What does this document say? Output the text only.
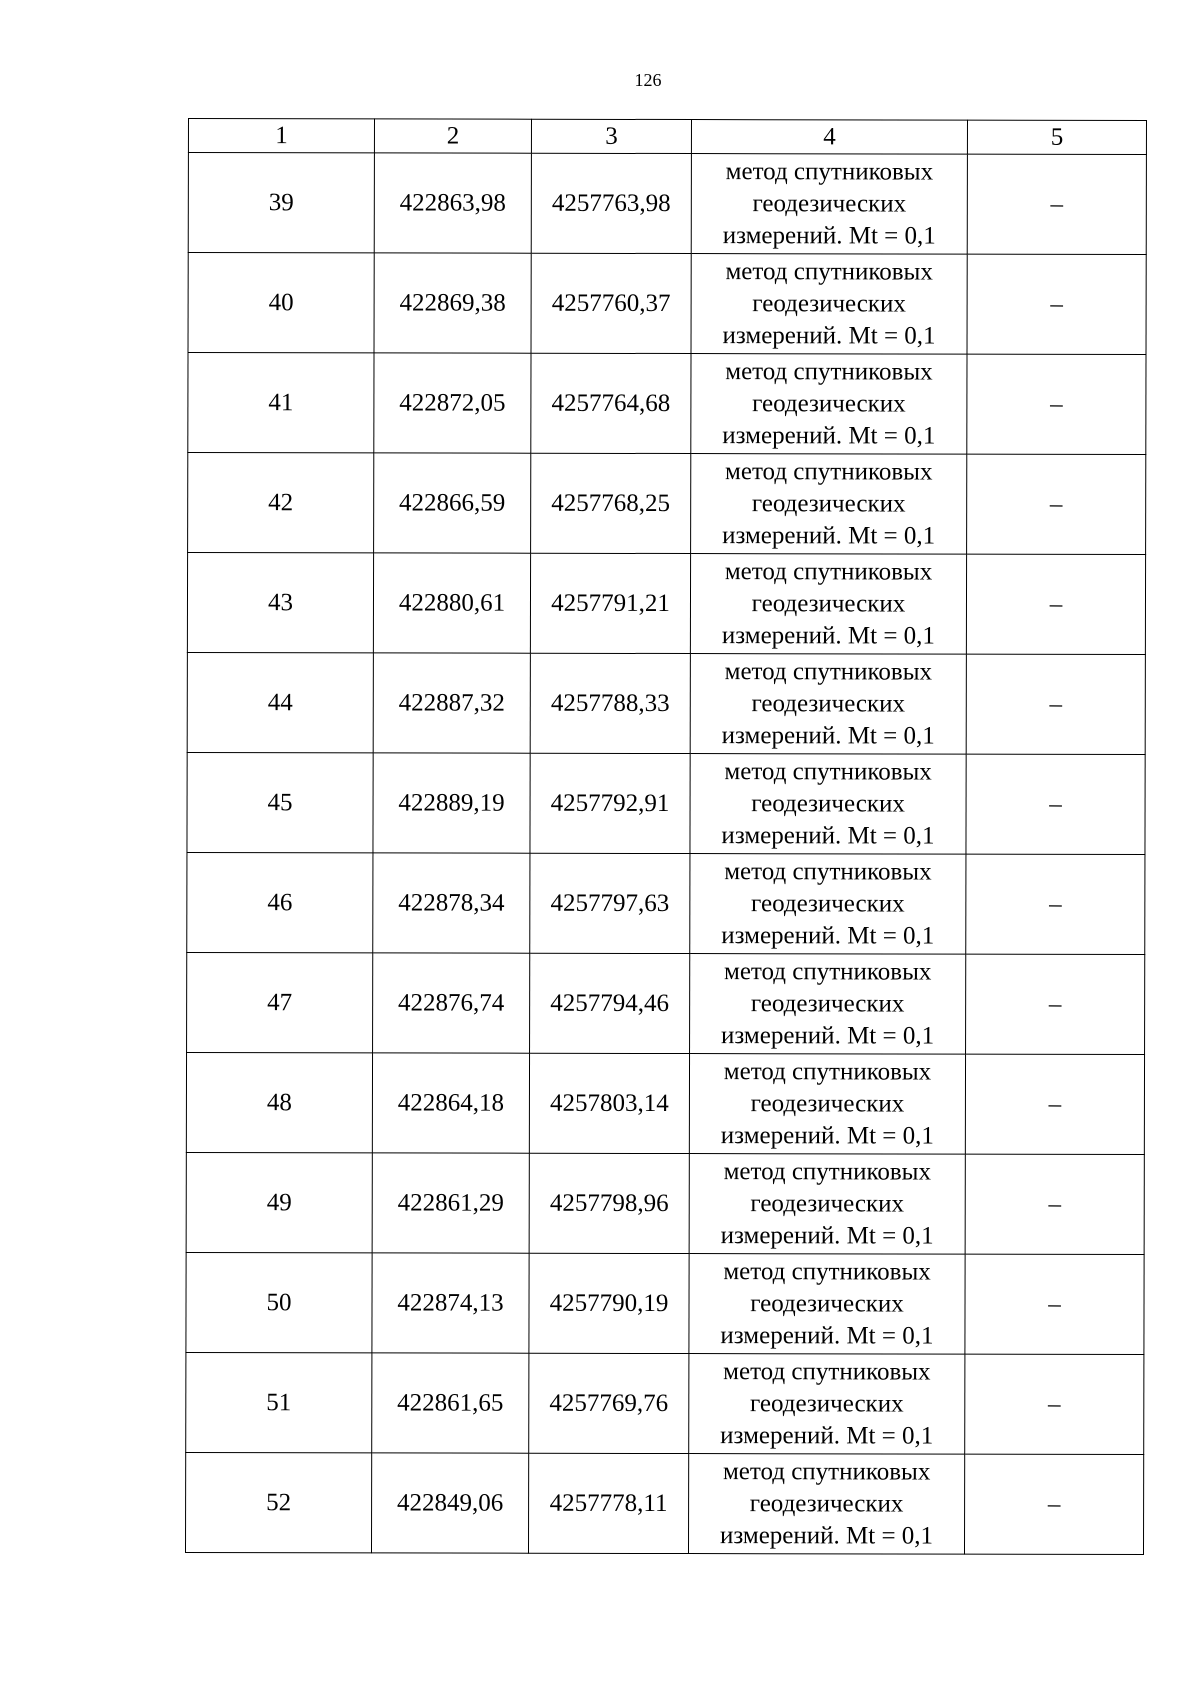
126
1	2	3	4	5
39	422863,98	4257763,98	метод спутниковых геодезических измерений. Mt = 0,1	–
40	422869,38	4257760,37	метод спутниковых геодезических измерений. Mt = 0,1	–
41	422872,05	4257764,68	метод спутниковых геодезических измерений. Mt = 0,1	–
42	422866,59	4257768,25	метод спутниковых геодезических измерений. Mt = 0,1	–
43	422880,61	4257791,21	метод спутниковых геодезических измерений. Mt = 0,1	–
44	422887,32	4257788,33	метод спутниковых геодезических измерений. Mt = 0,1	–
45	422889,19	4257792,91	метод спутниковых геодезических измерений. Mt = 0,1	–
46	422878,34	4257797,63	метод спутниковых геодезических измерений. Mt = 0,1	–
47	422876,74	4257794,46	метод спутниковых геодезических измерений. Mt = 0,1	–
48	422864,18	4257803,14	метод спутниковых геодезических измерений. Mt = 0,1	–
49	422861,29	4257798,96	метод спутниковых геодезических измерений. Mt = 0,1	–
50	422874,13	4257790,19	метод спутниковых геодезических измерений. Mt = 0,1	–
51	422861,65	4257769,76	метод спутниковых геодезических измерений. Mt = 0,1	–
52	422849,06	4257778,11	метод спутниковых геодезических измерений. Mt = 0,1	–
